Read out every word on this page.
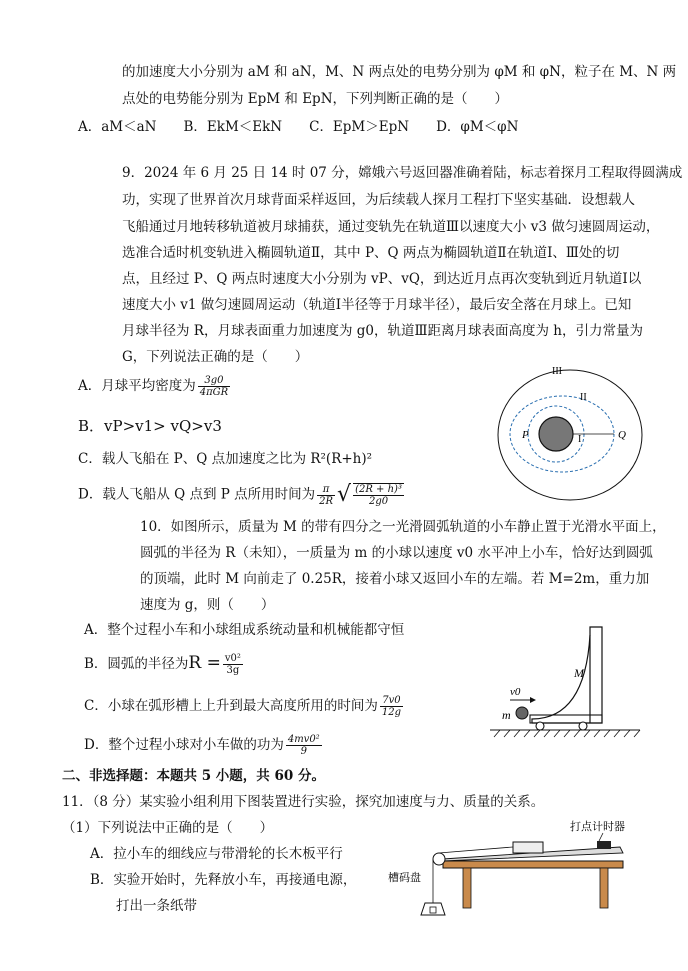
的加速度大小分别为 aM 和 aN，M、N 两点处的电势分别为 φM 和 φN，粒子在 M、N 两
点处的电势能分别为 EpM 和 EpN，下列判断正确的是（　　）
A．aM＜aN　　B．EkM＜EkN　　C．EpM＞EpN　　D．φM＜φN
9．2024 年 6 月 25 日 14 时 07 分，嫦娥六号返回器准确着陆，标志着探月工程取得圆满成
功，实现了世界首次月球背面采样返回，为后续载人探月工程打下坚实基础．设想载人
飞船通过月地转移轨道被月球捕获，通过变轨先在轨道Ⅲ以速度大小 v3 做匀速圆周运动，
选准合适时机变轨进入椭圆轨道Ⅱ，其中 P、Q 两点为椭圆轨道Ⅱ在轨道Ⅰ、Ⅲ处的切
点，且经过 P、Q 两点时速度大小分别为 vP、vQ，到达近月点再次变轨到近月轨道Ⅰ以
速度大小 v1 做匀速圆周运动（轨道Ⅰ半径等于月球半径），最后安全落在月球上。已知
月球半径为 R，月球表面重力加速度为 g0，轨道Ⅲ距离月球表面高度为 h，引力常量为
G，下列说法正确的是（　　）
A．月球平均密度为 $\frac{3g0}{\text{4πGR}}$
B．vP>v1> vQ>v3
C．载人飞船在 P、Q 点加速度之比为 R²(R+h)²
D．载人飞船从 Q 点到 P 点所用时间为 $\frac{\pi}{2R}$ √ $\frac{\text{(2R + h)³}}{2g0}$
III
II
I
P	Q
10．如图所示，质量为 M 的带有四分之一光滑圆弧轨道的小车静止置于光滑水平面上，
圆弧的半径为 R（未知），一质量为 m 的小球以速度 v0 水平冲上小车，恰好达到圆弧
的顶端，此时 M 向前走了 0.25R，接着小球又返回小车的左端。若 M=2m，重力加
速度为 g，则（　　）
A．整个过程小车和小球组成系统动量和机械能都守恒
B．圆弧的半径为$R = \frac{\text{v0²}}{3g}$
C．小球在弧形槽上上升到最大高度所用的时间为 $\frac{7v0}{12g}$
D．整个过程小球对小车做的功为 $\frac{\text{4mv0²}}{9}$
v0
m
M
二、非选择题：本题共 5 小题，共 60 分。
11．（8 分）某实验小组利用下图装置进行实验，探究加速度与力、质量的关系。
（1）下列说法中正确的是（　　）
A．拉小车的细线应与带滑轮的长木板平行
B．实验开始时，先释放小车，再接通电源，
打出一条纸带
打点计时器
槽码盘
